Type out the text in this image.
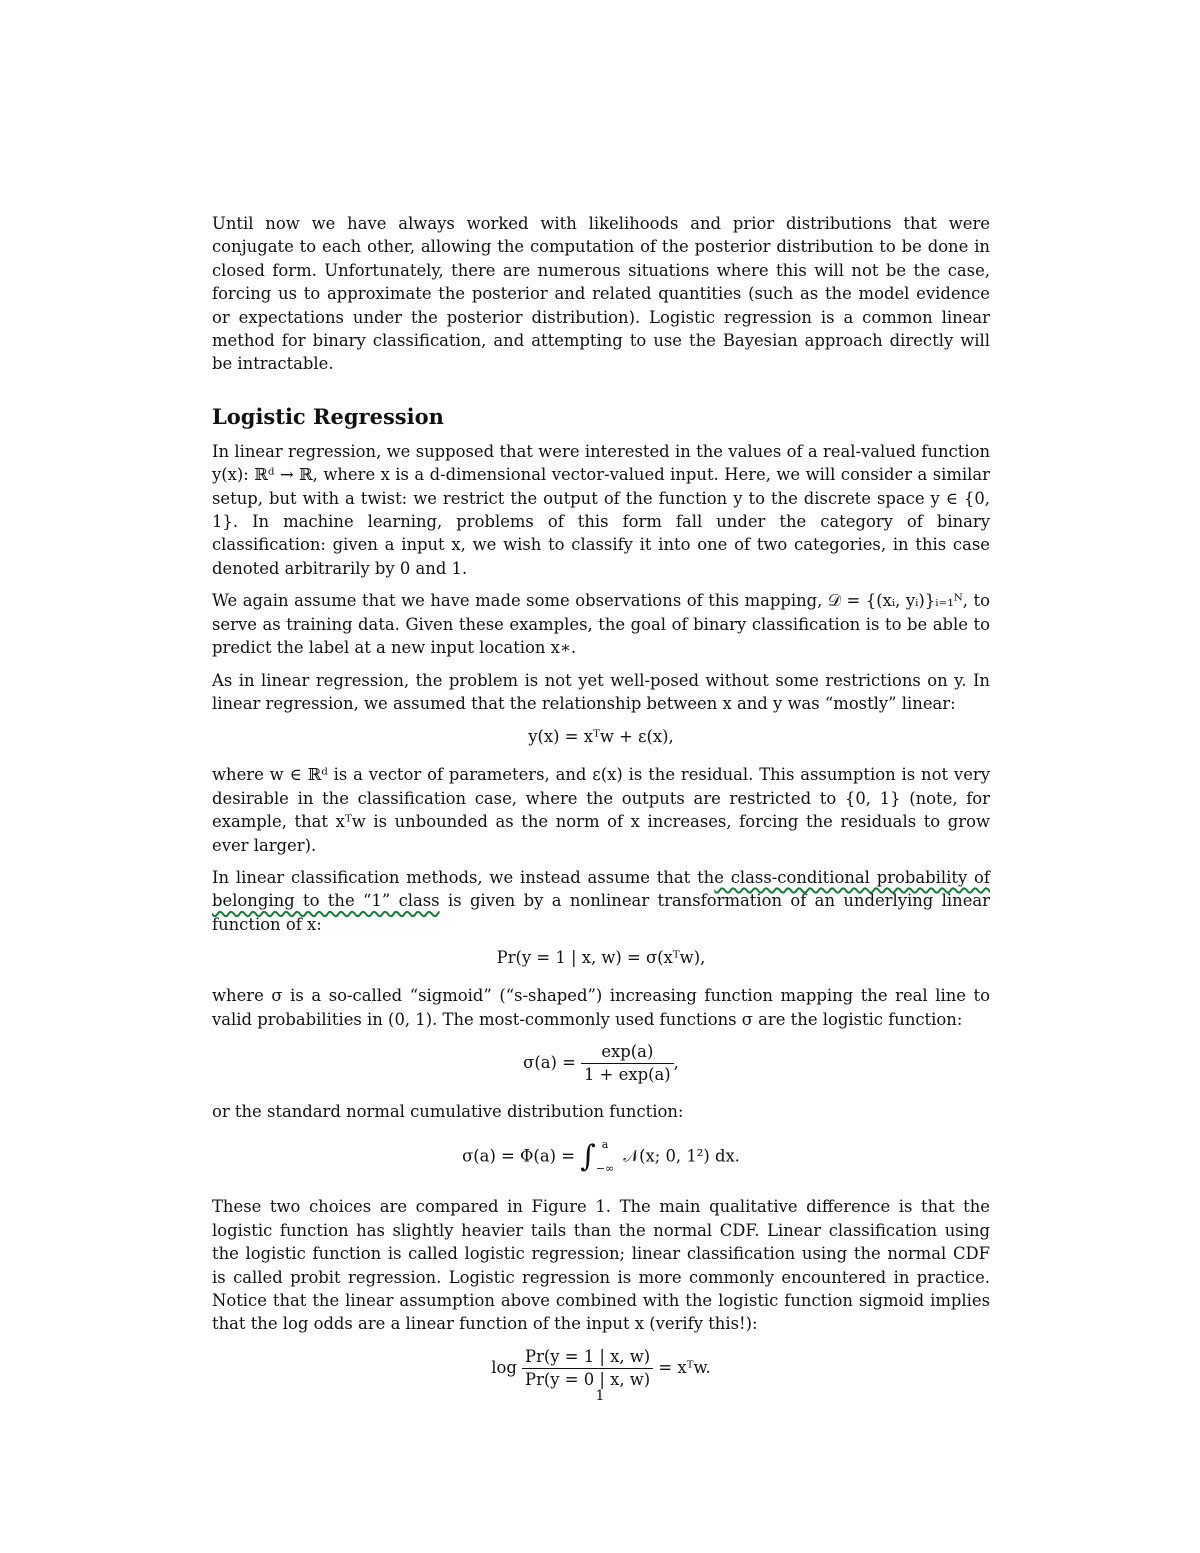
Until now we have always worked with likelihoods and prior distributions that were conjugate to each other, allowing the computation of the posterior distribution to be done in closed form. Unfortunately, there are numerous situations where this will not be the case, forcing us to approximate the posterior and related quantities (such as the model evidence or expectations under the posterior distribution). Logistic regression is a common linear method for binary classification, and attempting to use the Bayesian approach directly will be intractable.

Logistic Regression

In linear regression, we supposed that were interested in the values of a real-valued function y(x): ℝᵈ → ℝ, where x is a d-dimensional vector-valued input. Here, we will consider a similar setup, but with a twist: we restrict the output of the function y to the discrete space y ∈ {0, 1}. In machine learning, problems of this form fall under the category of binary classification: given a input x, we wish to classify it into one of two categories, in this case denoted arbitrarily by 0 and 1.

We again assume that we have made some observations of this mapping, 𝒟 = {(xᵢ, yᵢ)}ᵢ₌₁ᴺ, to serve as training data. Given these examples, the goal of binary classification is to be able to predict the label at a new input location x∗.

As in linear regression, the problem is not yet well-posed without some restrictions on y. In linear regression, we assumed that the relationship between x and y was “mostly” linear:

y(x) = xᵀw + ε(x),

where w ∈ ℝᵈ is a vector of parameters, and ε(x) is the residual. This assumption is not very desirable in the classification case, where the outputs are restricted to {0, 1} (note, for example, that xᵀw is unbounded as the norm of x increases, forcing the residuals to grow ever larger).

In linear classification methods, we instead assume that the class-conditional probability of belonging to the “1” class is given by a nonlinear transformation of an underlying linear function of x:

Pr(y = 1 | x, w) = σ(xᵀw),

where σ is a so-called “sigmoid” (“s-shaped”) increasing function mapping the real line to valid probabilities in (0, 1). The most-commonly used functions σ are the logistic function:

$\sigma(a) = \frac{\exp(a)}{1 + \exp(a)}$ ,

or the standard normal cumulative distribution function:

σ(a) = Φ(a) = ∫ a
−∞
𝒩(x; 0, 1²) dx.

These two choices are compared in Figure 1. The main qualitative difference is that the logistic function has slightly heavier tails than the normal CDF. Linear classification using the logistic function is called logistic regression; linear classification using the normal CDF is called probit regression. Logistic regression is more commonly encountered in practice. Notice that the linear assumption above combined with the logistic function sigmoid implies that the log odds are a linear function of the input x (verify this!):

$\log \frac{Pr(y = 1 | x, w)}{Pr(y = 0 | x, w)}$ = xᵀw.
1
